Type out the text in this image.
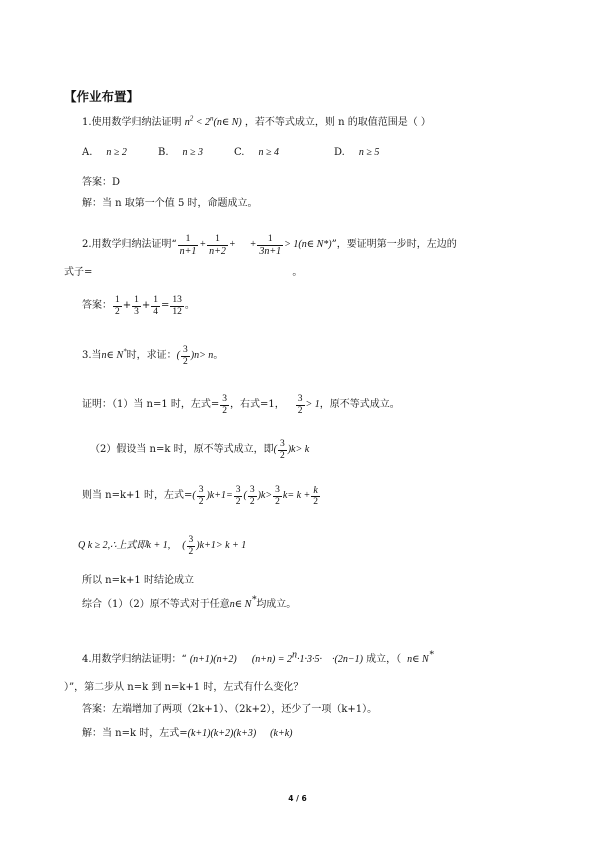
【作业布置】
1.使用数学归纳法证明 $n^2$ < $2^n(n\in$ N) ，若不等式成立，则 n 的取值范围是（ ）
A. n ≥ 2	B. n ≥ 3	C. n ≥ 4	D. n ≥ 5
答案：D
解：当 n 取第一个值 5 时，命题成立。
2.用数学归纳法证明“ $\frac{1}{n+1} + \frac{1}{n+2}$ + + $\frac{1}{3n+1}$ > 1(n∈ N*) ”，要证明第一步时，左边的
式子=	。
答案： $\frac{1}{2} + \frac{1}{3} + \frac{1}{4} = \frac{13}{12}$ 。
3.当 n∈ N* 时，求证： ( $\frac{3}{2}$ ) n > n 。
证明：（1）当 n=1 时，左式= $\frac{3}{2}$ ，右式=1， $\frac{3}{2} > 1$ ，原不等式成立。
（2）假设当 n=k 时，原不等式成立，即 ( $\frac{3}{2}$ ) k > k
则当 n=k+1 时，左式= ( $\frac{3}{2}$ ) $k+1 = \frac{3}{2}$ ( $\frac{3}{2}$ ) $k > \frac{3}{2}$ $k = k + \frac{k}{2}$
Q k ≥ 2,∴上式即 k + 1, ( $\frac{3}{2}$ ) k+1 > k + 1
所以 n=k+1 时结论成立
综合（1）（2）原不等式对于任意n∈ N*均成立。
4.用数学归纳法证明：“ (n+1)(n+2) $(n+n) = 2^n\cdot 1\cdot 3\cdot 5\cdot \cdot(2n-1)$ 成立，（ n∈ N*
）”，第二步从 n=k 到 n=k+1 时，左式有什么变化？
答案：左端增加了两项（2k+1）、（2k+2），还少了一项（k+1）。
解：当 n=k 时，左式=(k+1)(k+2)(k+3) (k+k)
4 / 6
